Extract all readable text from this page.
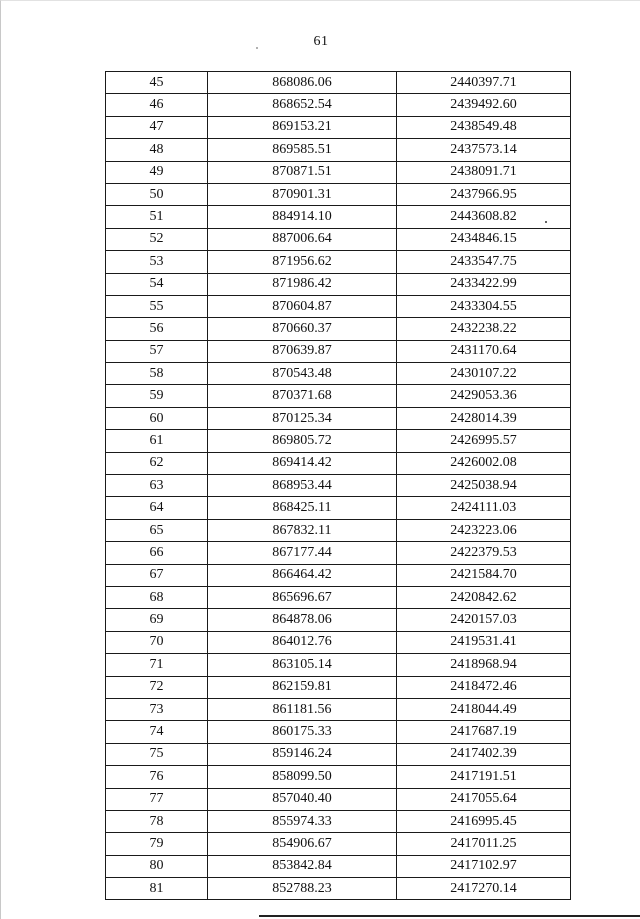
61
45	868086.06	2440397.71
46	868652.54	2439492.60
47	869153.21	2438549.48
48	869585.51	2437573.14
49	870871.51	2438091.71
50	870901.31	2437966.95
51	884914.10	2443608.82
52	887006.64	2434846.15
53	871956.62	2433547.75
54	871986.42	2433422.99
55	870604.87	2433304.55
56	870660.37	2432238.22
57	870639.87	2431170.64
58	870543.48	2430107.22
59	870371.68	2429053.36
60	870125.34	2428014.39
61	869805.72	2426995.57
62	869414.42	2426002.08
63	868953.44	2425038.94
64	868425.11	2424111.03
65	867832.11	2423223.06
66	867177.44	2422379.53
67	866464.42	2421584.70
68	865696.67	2420842.62
69	864878.06	2420157.03
70	864012.76	2419531.41
71	863105.14	2418968.94
72	862159.81	2418472.46
73	861181.56	2418044.49
74	860175.33	2417687.19
75	859146.24	2417402.39
76	858099.50	2417191.51
77	857040.40	2417055.64
78	855974.33	2416995.45
79	854906.67	2417011.25
80	853842.84	2417102.97
81	852788.23	2417270.14
